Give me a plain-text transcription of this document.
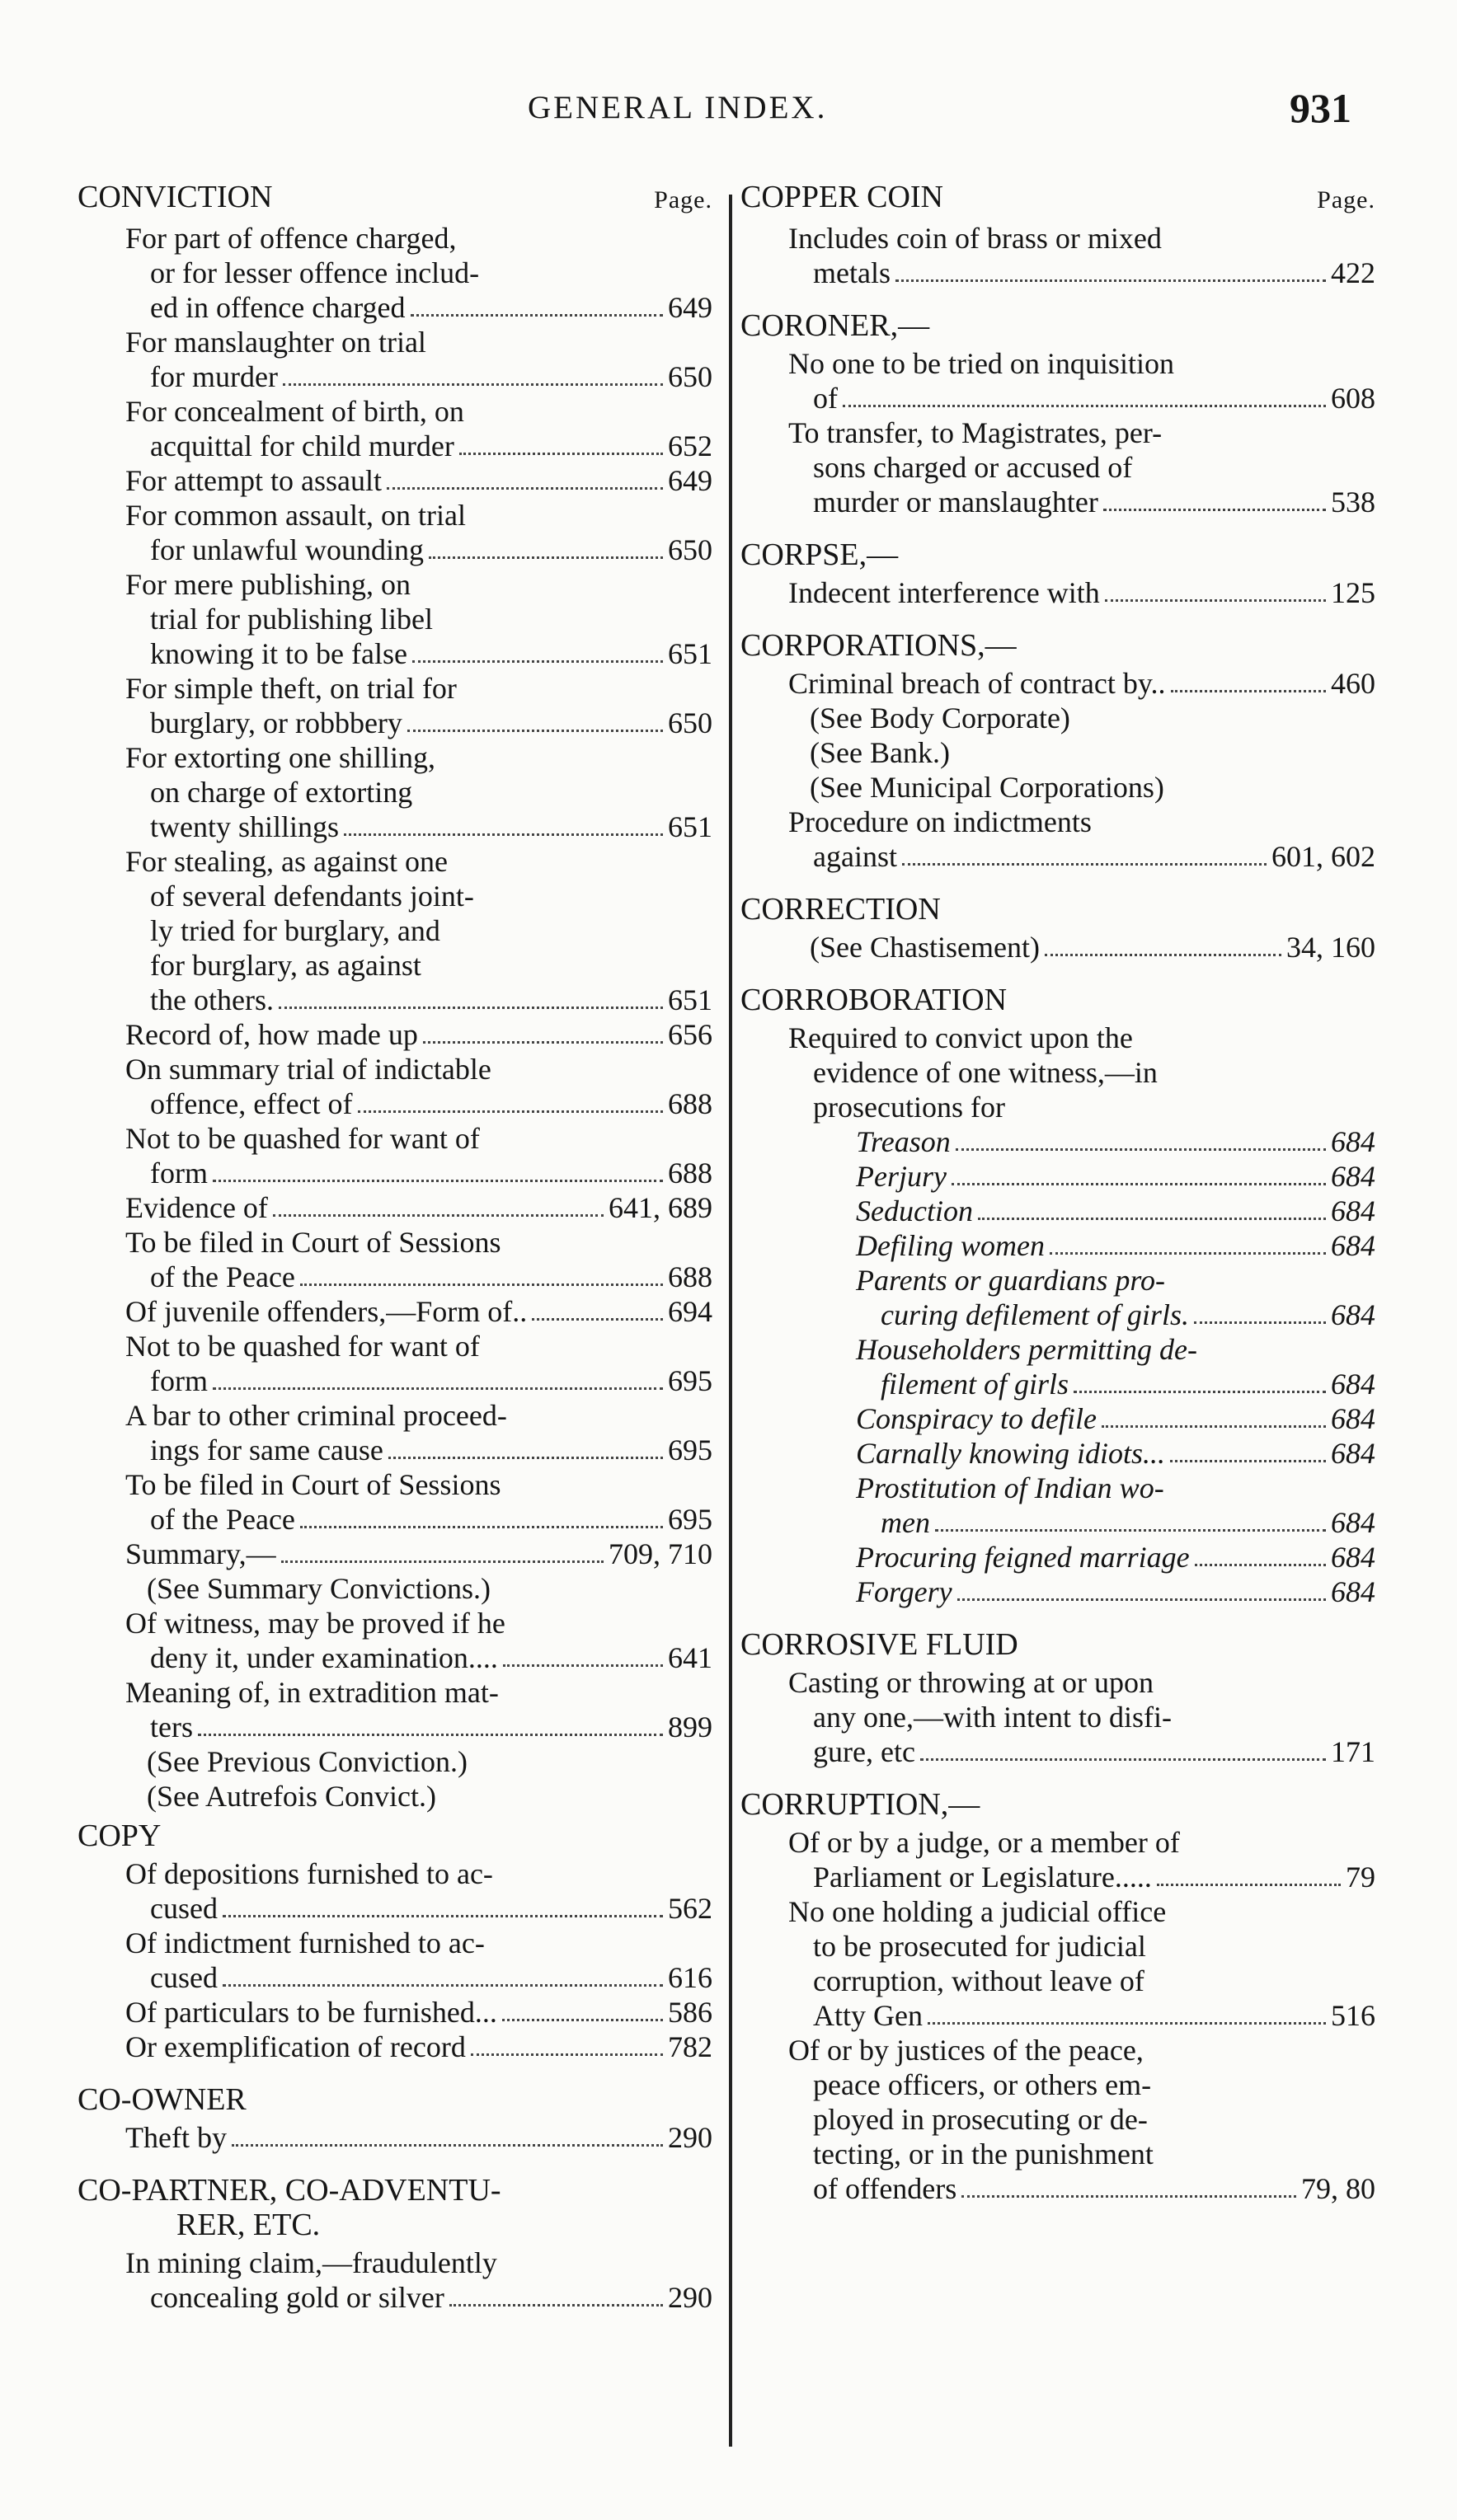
GENERAL INDEX.	931
CONVICTION	Page.
For part of offence charged,
or for lesser offence includ-
ed in offence charged	649
For manslaughter on trial
for murder	650
For concealment of birth, on
acquittal for child murder	652
For attempt to assault	649
For common assault, on trial
for unlawful wounding	650
For mere publishing, on
trial for publishing libel
knowing it to be false	651
For simple theft, on trial for
burglary, or robbbery	650
For extorting one shilling,
on charge of extorting
twenty shillings	651
For stealing, as against one
of several defendants joint-
ly tried for burglary, and
for burglary, as against
the others.	651
Record of, how made up	656
On summary trial of indictable
offence, effect of	688
Not to be quashed for want of
form	688
Evidence of	641, 689
To be filed in Court of Sessions
of the Peace	688
Of juvenile offenders,—Form of..	694
Not to be quashed for want of
form	695
A bar to other criminal proceed-
ings for same cause	695
To be filed in Court of Sessions
of the Peace	695
Summary,—	709, 710
(See Summary Convictions.)
Of witness, may be proved if he
deny it, under examination....	641
Meaning of, in extradition mat-
ters	899
(See Previous Conviction.)
(See Autrefois Convict.)
COPY
Of depositions furnished to ac-
cused	562
Of indictment furnished to ac-
cused	616
Of particulars to be furnished...	586
Or exemplification of record	782
CO-OWNER
Theft by	290
CO-PARTNER, CO-ADVENTU-
RER, ETC.
In mining claim,—fraudulently
concealing gold or silver	290
COPPER COIN	Page.
Includes coin of brass or mixed
metals	422
CORONER,—
No one to be tried on inquisition
of	608
To transfer, to Magistrates, per-
sons charged or accused of
murder or manslaughter	538
CORPSE,—
Indecent interference with	125
CORPORATIONS,—
Criminal breach of contract by..	460
(See Body Corporate)
(See Bank.)
(See Municipal Corporations)
Procedure on indictments
against	601, 602
CORRECTION
(See Chastisement)	34, 160
CORROBORATION
Required to convict upon the
evidence of one witness,—in
prosecutions for
Treason	684
Perjury	684
Seduction	684
Defiling women	684
Parents or guardians pro-
curing defilement of girls.	684
Householders permitting de-
filement of girls	684
Conspiracy to defile	684
Carnally knowing idiots...	684
Prostitution of Indian wo-
men	684
Procuring feigned marriage	684
Forgery	684
CORROSIVE FLUID
Casting or throwing at or upon
any one,—with intent to disfi-
gure, etc	171
CORRUPTION,—
Of or by a judge, or a member of
Parliament or Legislature.....	79
No one holding a judicial office
to be prosecuted for judicial
corruption, without leave of
Atty Gen	516
Of or by justices of the peace,
peace officers, or others em-
ployed in prosecuting or de-
tecting, or in the punishment
of offenders	79, 80
